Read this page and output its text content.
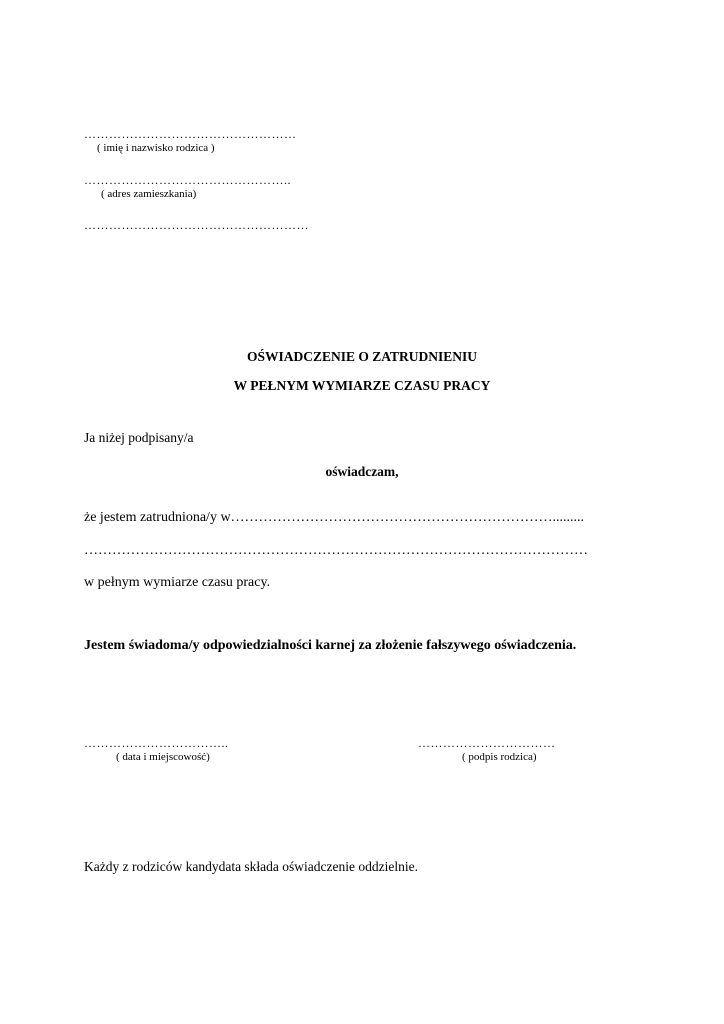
……………………………………………
( imię i nazwisko rodzica )
…………………………………………..
( adres zamieszkania)
………………………………………………
OŚWIADCZENIE O ZATRUDNIENIU
W PEŁNYM WYMIARZE CZASU PRACY
Ja niżej podpisany/a
oświadczam,
że jestem zatrudniona/y w…………………………………………………………….........
………………………………………………………………………………………………
w pełnym wymiarze czasu pracy.
Jestem świadoma/y odpowiedzialności karnej za złożenie fałszywego oświadczenia.
……………………………..
( data i miejscowość)
……………………………
( podpis rodzica)
Każdy z rodziców kandydata składa oświadczenie oddzielnie.
